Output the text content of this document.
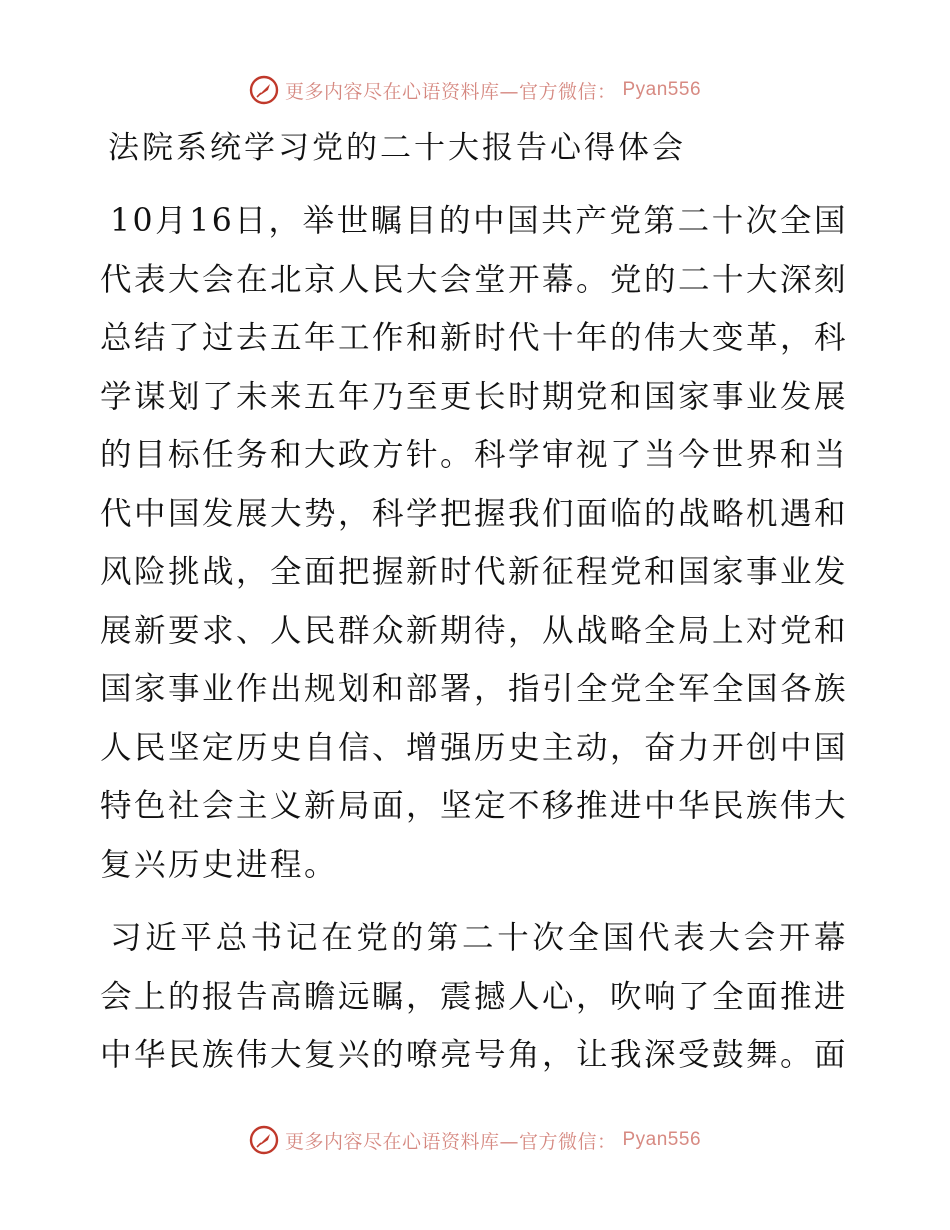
更多内容尽在心语资料库—官方微信： Pyan556
法院系统学习党的二十大报告心得体会

10月16日，举世瞩目的中国共产党第二十次全国代表大会在北京人民大会堂开幕。党的二十大深刻总结了过去五年工作和新时代十年的伟大变革，科学谋划了未来五年乃至更长时期党和国家事业发展的目标任务和大政方针。科学审视了当今世界和当代中国发展大势，科学把握我们面临的战略机遇和风险挑战，全面把握新时代新征程党和国家事业发展新要求、人民群众新期待，从战略全局上对党和国家事业作出规划和部署，指引全党全军全国各族人民坚定历史自信、增强历史主动，奋力开创中国特色社会主义新局面，坚定不移推进中华民族伟大复兴历史进程。

习近平总书记在党的第二十次全国代表大会开幕会上的报告高瞻远瞩，震撼人心，吹响了全面推进中华民族伟大复兴的嘹亮号角，让我深受鼓舞。面

更多内容尽在心语资料库—官方微信： Pyan556
